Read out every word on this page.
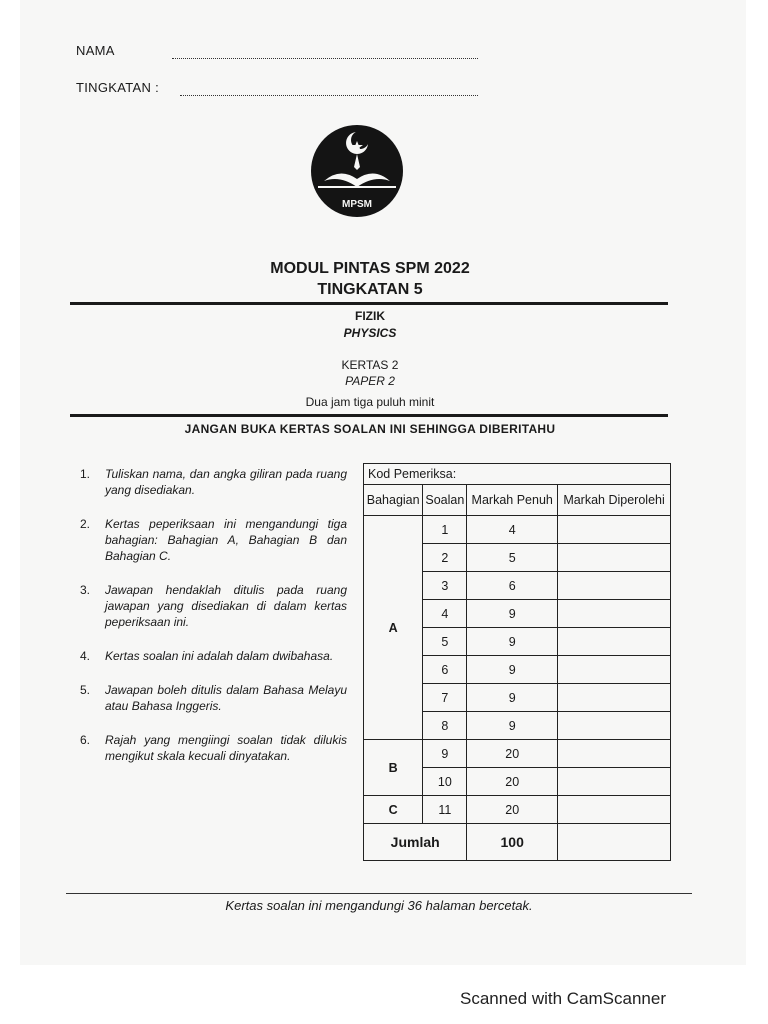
NAMA
TINGKATAN :
MPSM
MODUL PINTAS SPM 2022
TINGKATAN 5
FIZIK
PHYSICS
KERTAS 2
PAPER 2
Dua jam tiga puluh minit
JANGAN BUKA KERTAS SOALAN INI SEHINGGA DIBERITAHU
1.	Tuliskan nama, dan angka giliran pada ruang yang disediakan.
2.	Kertas peperiksaan ini mengandungi tiga bahagian: Bahagian A, Bahagian B dan Bahagian C.
3.	Jawapan hendaklah ditulis pada ruang jawapan yang disediakan di dalam kertas peperiksaan ini.
4.	Kertas soalan ini adalah dalam dwibahasa.
5.	Jawapan boleh ditulis dalam Bahasa Melayu atau Bahasa Inggeris.
6.	Rajah yang mengiingi soalan tidak dilukis mengikut skala kecuali dinyatakan.
Kod Pemeriksa:			
Bahagian	Soalan	Markah Penuh	Markah Diperolehi
A	1	4	
	2	5	
	3	6	
	4	9	
	5	9	
	6	9	
	7	9	
	8	9	
B	9	20	
	10	20	
C	11	20	
Jumlah		100	
Kertas soalan ini mengandungi 36 halaman bercetak.
Scanned with CamScanner
